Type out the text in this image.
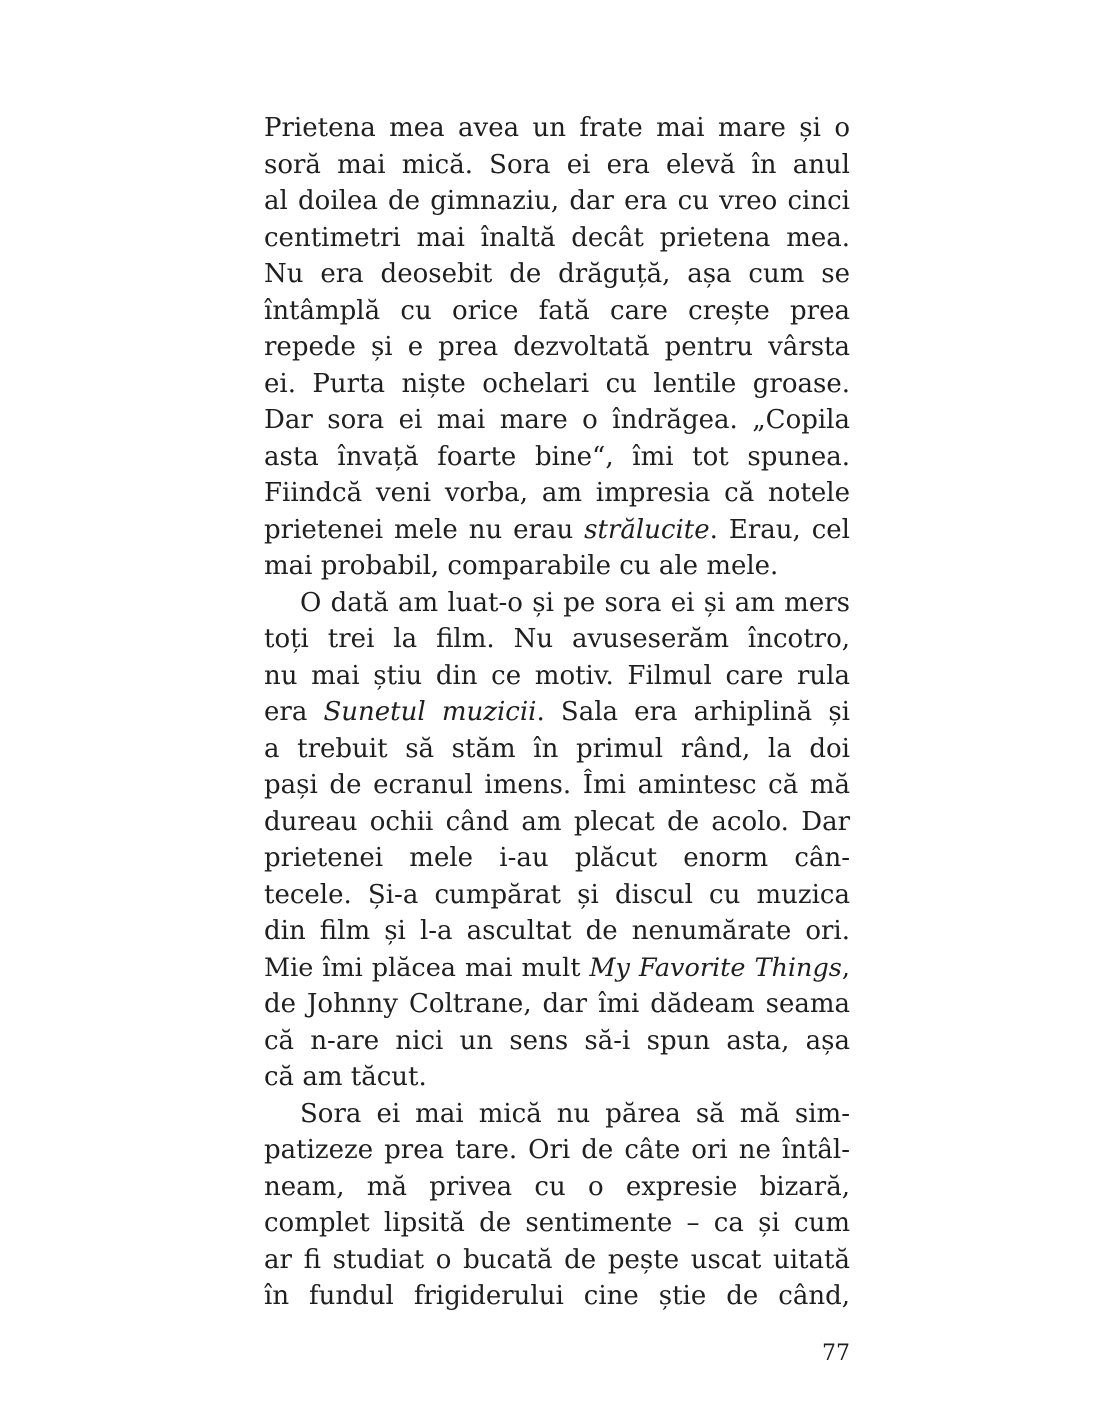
Prietena mea avea un frate mai mare și o
soră mai mică. Sora ei era elevă în anul
al doilea de gimnaziu, dar era cu vreo cinci
centimetri mai înaltă decât prietena mea.
Nu era deosebit de drăguță, așa cum se
întâmplă cu orice fată care crește prea
repede și e prea dezvoltată pentru vârsta
ei. Purta niște ochelari cu lentile groase.
Dar sora ei mai mare o îndrăgea. „Copila
asta învață foarte bine“, îmi tot spunea.
Fiindcă veni vorba, am impresia că notele
prietenei mele nu erau strălucite. Erau, cel
mai probabil, comparabile cu ale mele.
O dată am luat-o și pe sora ei și am mers
toți trei la film. Nu avuseserăm încotro,
nu mai știu din ce motiv. Filmul care rula
era Sunetul muzicii. Sala era arhiplină și
a trebuit să stăm în primul rând, la doi
pași de ecranul imens. Îmi amintesc că mă
dureau ochii când am plecat de acolo. Dar
prietenei mele i-au plăcut enorm cân-
tecele. Și-a cumpărat și discul cu muzica
din film și l-a ascultat de nenumărate ori.
Mie îmi plăcea mai mult My Favorite Things,
de Johnny Coltrane, dar îmi dădeam seama
că n-are nici un sens să-i spun asta, așa
că am tăcut.
Sora ei mai mică nu părea să mă sim-
patizeze prea tare. Ori de câte ori ne întâl-
neam, mă privea cu o expresie bizară,
complet lipsită de sentimente – ca și cum
ar fi studiat o bucată de pește uscat uitată
în fundul frigiderului cine știe de când,
77
